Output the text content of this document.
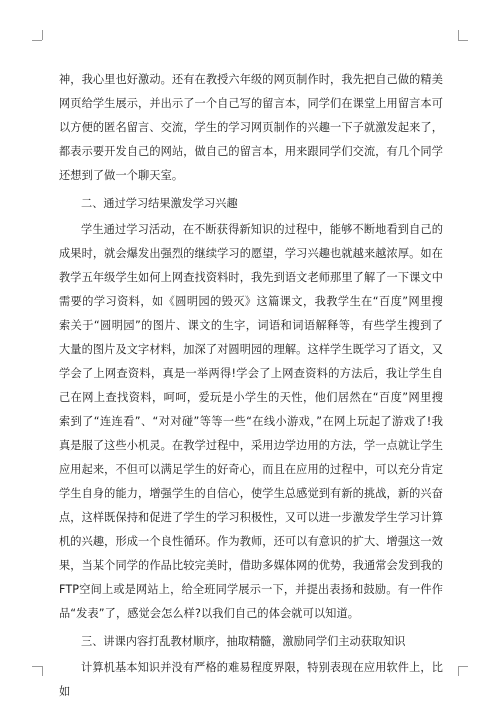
神，我心里也好激动。还有在教授六年级的网页制作时，我先把自己做的精美网页给学生展示，并出示了一个自己写的留言本，同学们在课堂上用留言本可以方便的匿名留言、交流，学生的学习网页制作的兴趣一下子就激发起来了，都表示要开发自己的网站，做自己的留言本，用来跟同学们交流，有几个同学还想到了做一个聊天室。

二、通过学习结果激发学习兴趣

学生通过学习活动，在不断获得新知识的过程中，能够不断地看到自己的成果时，就会爆发出强烈的继续学习的愿望，学习兴趣也就越来越浓厚。如在教学五年级学生如何上网查找资料时，我先到语文老师那里了解了一下课文中需要的学习资料，如《圆明园的毁灭》这篇课文，我教学生在“百度”网里搜索关于“圆明园”的图片、课文的生字，词语和词语解释等，有些学生搜到了大量的图片及文字材料，加深了对圆明园的理解。这样学生既学习了语文，又学会了上网查资料，真是一举两得!学会了上网查资料的方法后，我让学生自己在网上查找资料，呵呵，爱玩是小学生的天性，他们居然在“百度”网里搜索到了“连连看”、“对对碰”等等一些“在线小游戏，”在网上玩起了游戏了!我真是服了这些小机灵。在教学过程中，采用边学边用的方法，学一点就让学生应用起来，不但可以满足学生的好奇心，而且在应用的过程中，可以充分肯定学生自身的能力，增强学生的自信心，使学生总感觉到有新的挑战，新的兴奋点，这样既保持和促进了学生的学习积极性，又可以进一步激发学生学习计算机的兴趣，形成一个良性循环。作为教师，还可以有意识的扩大、增强这一效果，当某个同学的作品比较完美时，借助多媒体网的优势，我通常会发到我的FTP空间上或是网站上，给全班同学展示一下，并提出表扬和鼓励。有一件作品“发表”了，感觉会怎么样?以我们自己的体会就可以知道。

三、讲课内容打乱教材顺序，抽取精髓，激励同学们主动获取知识

计算机基本知识并没有严格的难易程度界限，特别表现在应用软件上，比如
